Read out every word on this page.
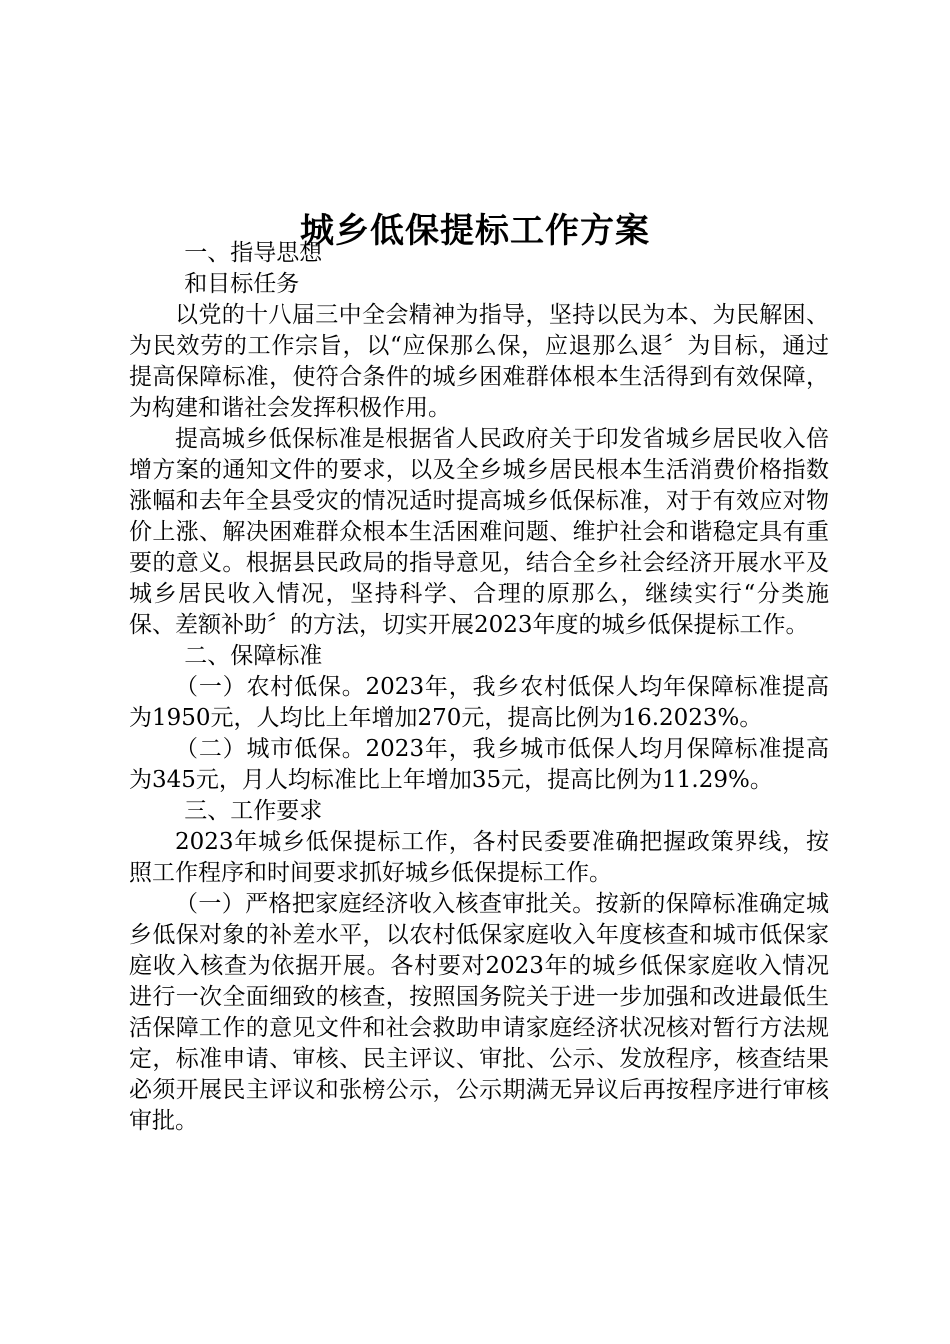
城乡低保提标工作方案

一、指导思想

和目标任务

以党的十八届三中全会精神为指导，坚持以民为本、为民解困、为民效劳的工作宗旨，以“应保那么保，应退那么退〞为目标，通过提高保障标准，使符合条件的城乡困难群体根本生活得到有效保障，为构建和谐社会发挥积极作用。

提高城乡低保标准是根据省人民政府关于印发省城乡居民收入倍增方案的通知文件的要求，以及全乡城乡居民根本生活消费价格指数涨幅和去年全县受灾的情况适时提高城乡低保标准，对于有效应对物价上涨、解决困难群众根本生活困难问题、维护社会和谐稳定具有重要的意义。根据县民政局的指导意见，结合全乡社会经济开展水平及城乡居民收入情况，坚持科学、合理的原那么，继续实行“分类施保、差额补助〞的方法，切实开展2023年度的城乡低保提标工作。

二、保障标准

（一）农村低保。2023年，我乡农村低保人均年保障标准提高为1950元，人均比上年增加270元，提高比例为16.2023%。

（二）城市低保。2023年，我乡城市低保人均月保障标准提高为345元，月人均标准比上年增加35元，提高比例为11.29%。

三、工作要求

2023年城乡低保提标工作，各村民委要准确把握政策界线，按照工作程序和时间要求抓好城乡低保提标工作。

（一）严格把家庭经济收入核查审批关。按新的保障标准确定城乡低保对象的补差水平，以农村低保家庭收入年度核查和城市低保家庭收入核查为依据开展。各村要对2023年的城乡低保家庭收入情况进行一次全面细致的核查，按照国务院关于进一步加强和改进最低生活保障工作的意见文件和社会救助申请家庭经济状况核对暂行方法规定，标准申请、审核、民主评议、审批、公示、发放程序，核查结果必须开展民主评议和张榜公示，公示期满无异议后再按程序进行审核审批。
